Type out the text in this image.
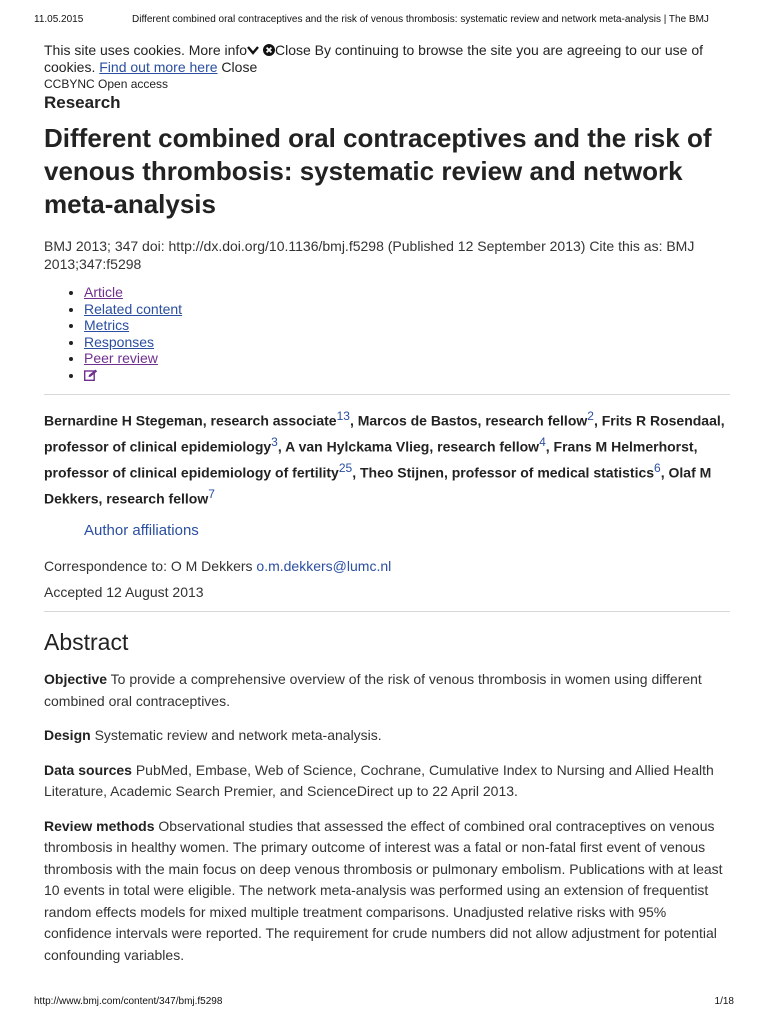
11.05.2015	Different combined oral contraceptives and the risk of venous thrombosis: systematic review and network meta-analysis | The BMJ
This site uses cookies. More info Close By continuing to browse the site you are agreeing to our use of cookies. Find out more here Close
CCBYNC Open access
Research
Different combined oral contraceptives and the risk of venous thrombosis: systematic review and network meta-analysis
BMJ 2013; 347 doi: http://dx.doi.org/10.1136/bmj.f5298 (Published 12 September 2013) Cite this as: BMJ 2013;347:f5298
• Article
• Related content
• Metrics
• Responses
• Peer review
•
Bernardine H Stegeman, research associate$^{13}$, Marcos de Bastos, research fellow$^2$, Frits R Rosendaal, professor of clinical epidemiology$^3$, A van Hylckama Vlieg, research fellow$^4$, Frans M Helmerhorst, professor of clinical epidemiology of fertility$^{25}$, Theo Stijnen, professor of medical statistics$^6$, Olaf M Dekkers, research fellow$^7$
Author affiliations
Correspondence to: O M Dekkers o.m.dekkers@lumc.nl
Accepted 12 August 2013
Abstract

Objective To provide a comprehensive overview of the risk of venous thrombosis in women using different combined oral contraceptives.

Design Systematic review and network meta-analysis.

Data sources PubMed, Embase, Web of Science, Cochrane, Cumulative Index to Nursing and Allied Health Literature, Academic Search Premier, and ScienceDirect up to 22 April 2013.

Review methods Observational studies that assessed the effect of combined oral contraceptives on venous thrombosis in healthy women. The primary outcome of interest was a fatal or non-fatal first event of venous thrombosis with the main focus on deep venous thrombosis or pulmonary embolism. Publications with at least 10 events in total were eligible. The network meta-analysis was performed using an extension of frequentist random effects models for mixed multiple treatment comparisons. Unadjusted relative risks with 95% confidence intervals were reported. The requirement for crude numbers did not allow adjustment for potential confounding variables.

http://www.bmj.com/content/347/bmj.f5298	1/18
